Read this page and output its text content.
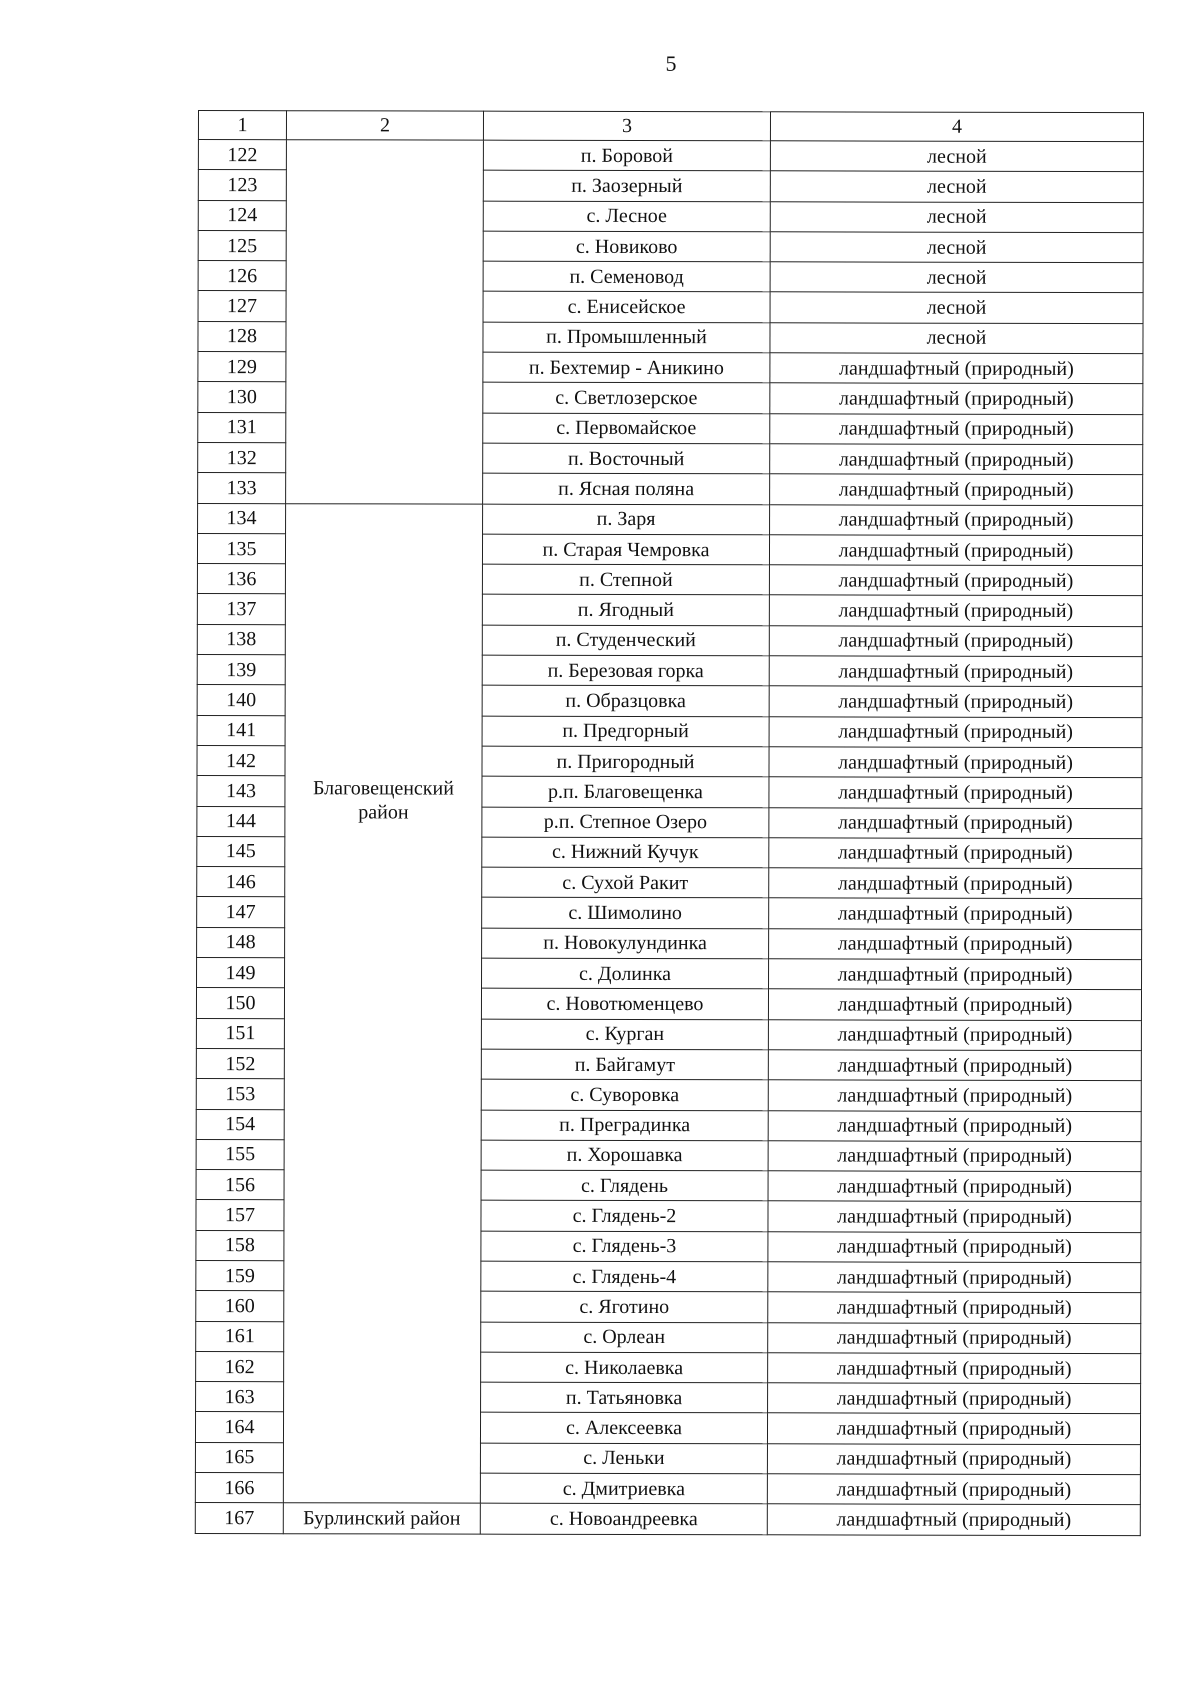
5
1	2	3	4
122		п. Боровой	лесной
123		п. Заозерный	лесной
124		с. Лесное	лесной
125		с. Новиково	лесной
126		п. Семеновод	лесной
127		с. Енисейское	лесной
128		п. Промышленный	лесной
129		п. Бехтемир - Аникино	ландшафтный (природный)
130		с. Светлозерское	ландшафтный (природный)
131		с. Первомайское	ландшафтный (природный)
132		п. Восточный	ландшафтный (природный)
133		п. Ясная поляна	ландшафтный (природный)
134	Благовещенский район	п. Заря	ландшафтный (природный)
135		п. Старая Чемровка	ландшафтный (природный)
136		п. Степной	ландшафтный (природный)
137		п. Ягодный	ландшафтный (природный)
138		п. Студенческий	ландшафтный (природный)
139		п. Березовая горка	ландшафтный (природный)
140		п. Образцовка	ландшафтный (природный)
141		п. Предгорный	ландшафтный (природный)
142		п. Пригородный	ландшафтный (природный)
143		р.п. Благовещенка	ландшафтный (природный)
144		р.п. Степное Озеро	ландшафтный (природный)
145		с. Нижний Кучук	ландшафтный (природный)
146		с. Сухой Ракит	ландшафтный (природный)
147		с. Шимолино	ландшафтный (природный)
148		п. Новокулундинка	ландшафтный (природный)
149		с. Долинка	ландшафтный (природный)
150		с. Новотюменцево	ландшафтный (природный)
151		с. Курган	ландшафтный (природный)
152		п. Байгамут	ландшафтный (природный)
153		с. Суворовка	ландшафтный (природный)
154		п. Преградинка	ландшафтный (природный)
155		п. Хорошавка	ландшафтный (природный)
156		с. Глядень	ландшафтный (природный)
157		с. Глядень-2	ландшафтный (природный)
158		с. Глядень-3	ландшафтный (природный)
159		с. Глядень-4	ландшафтный (природный)
160		с. Яготино	ландшафтный (природный)
161		с. Орлеан	ландшафтный (природный)
162		с. Николаевка	ландшафтный (природный)
163		п. Татьяновка	ландшафтный (природный)
164		с. Алексеевка	ландшафтный (природный)
165		с. Леньки	ландшафтный (природный)
166		с. Дмитриевка	ландшафтный (природный)
167	Бурлинский район	с. Новоандреевка	ландшафтный (природный)
